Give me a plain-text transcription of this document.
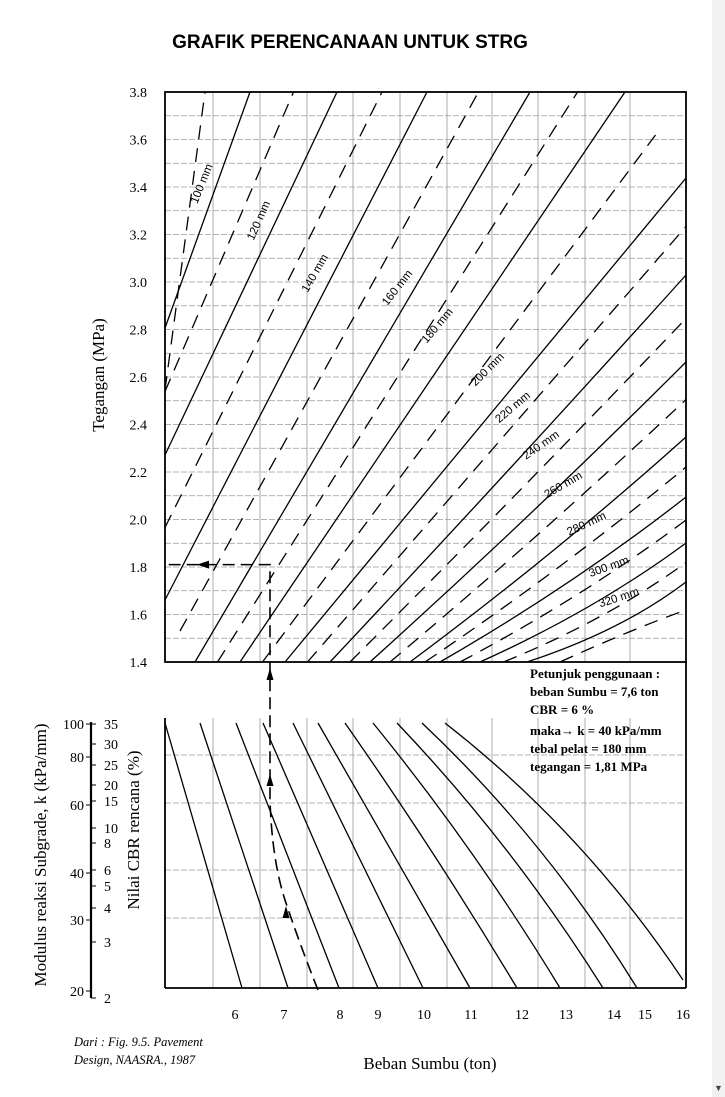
GRAFIK PERENCANAAN UNTUK STRG
3.8
3.6
3.4
3.2
3.0
2.8
2.6
2.4
2.2
2.0
1.8
1.6
1.4
6	7	8 9	10 11	12 13 14 15 16
100
80
60
40
30
20
35
30
25
20
15
10
8
6
5
4
3
2
100 mm
120 mm
140 mm	160 mm
180 mm
200 mm
220 mm
240 mm
260 mm
280 mm
300 mm
320 mm
Tegangan (MPa)
Modulus reaksi Subgrade, k (kPa/mm)	Nilai CBR rencana (%)
Beban Sumbu (ton)
Petunjuk penggunaan :
beban Sumbu = 7,6 ton
CBR = 6 %
maka→ k = 40 kPa/mm
tebal pelat = 180 mm
tegangan = 1,81 MPa
Dari : Fig. 9.5. Pavement
Design, NAASRA., 1987
▼
